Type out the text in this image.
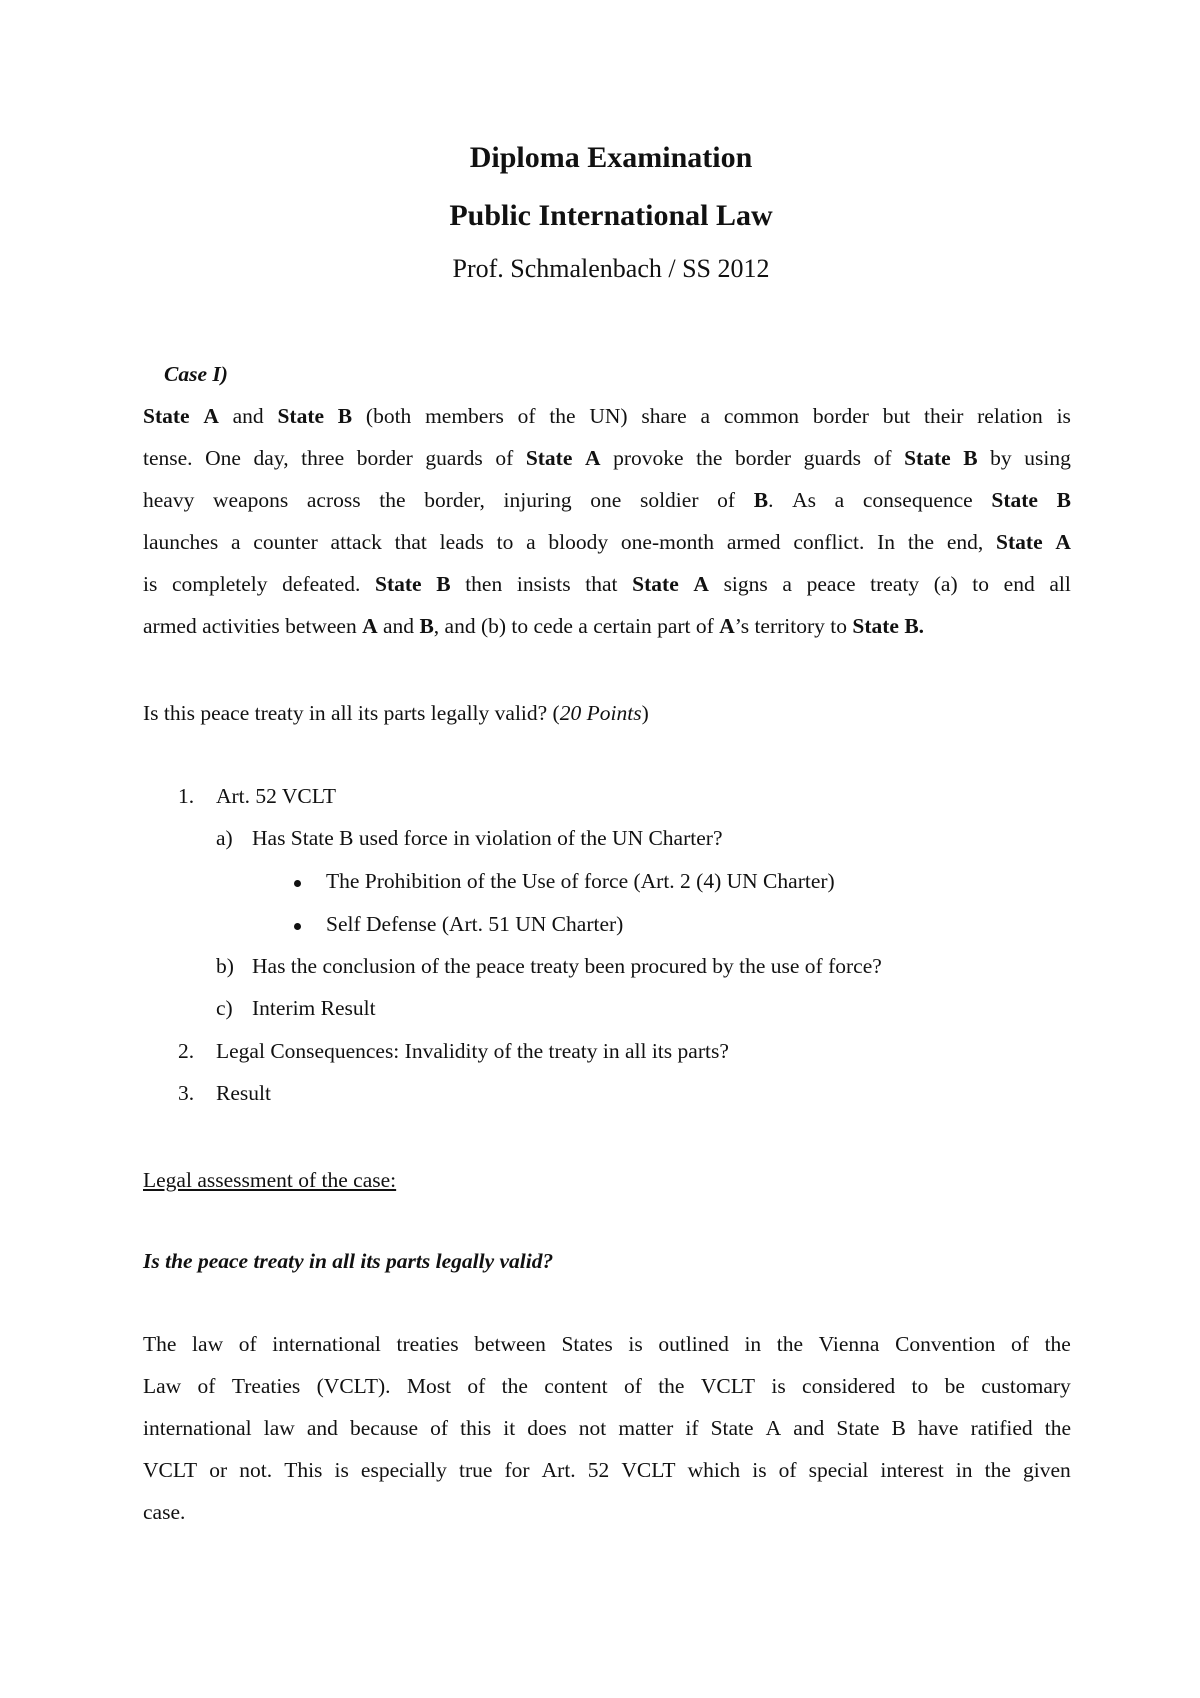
Diploma Examination
Public International Law
Prof. Schmalenbach / SS 2012
Case I)
State A and State B (both members of the UN) share a common border but their relation is
tense. One day, three border guards of State A provoke the border guards of State B by using
heavy weapons across the border, injuring one soldier of B. As a consequence State B
launches a counter attack that leads to a bloody one-month armed conflict. In the end, State A
is completely defeated. State B then insists that State A signs a peace treaty (a) to end all
armed activities between A and B, and (b) to cede a certain part of A’s territory to State B.
Is this peace treaty in all its parts legally valid? (20 Points)
1. Art. 52 VCLT
a) Has State B used force in violation of the UN Charter?
The Prohibition of the Use of force (Art. 2 (4) UN Charter)
Self Defense (Art. 51 UN Charter)
b) Has the conclusion of the peace treaty been procured by the use of force?
c) Interim Result
2. Legal Consequences: Invalidity of the treaty in all its parts?
3. Result
Legal assessment of the case:
Is the peace treaty in all its parts legally valid?
The law of international treaties between States is outlined in the Vienna Convention of the
Law of Treaties (VCLT). Most of the content of the VCLT is considered to be customary
international law and because of this it does not matter if State A and State B have ratified the
VCLT or not. This is especially true for Art. 52 VCLT which is of special interest in the given
case.
